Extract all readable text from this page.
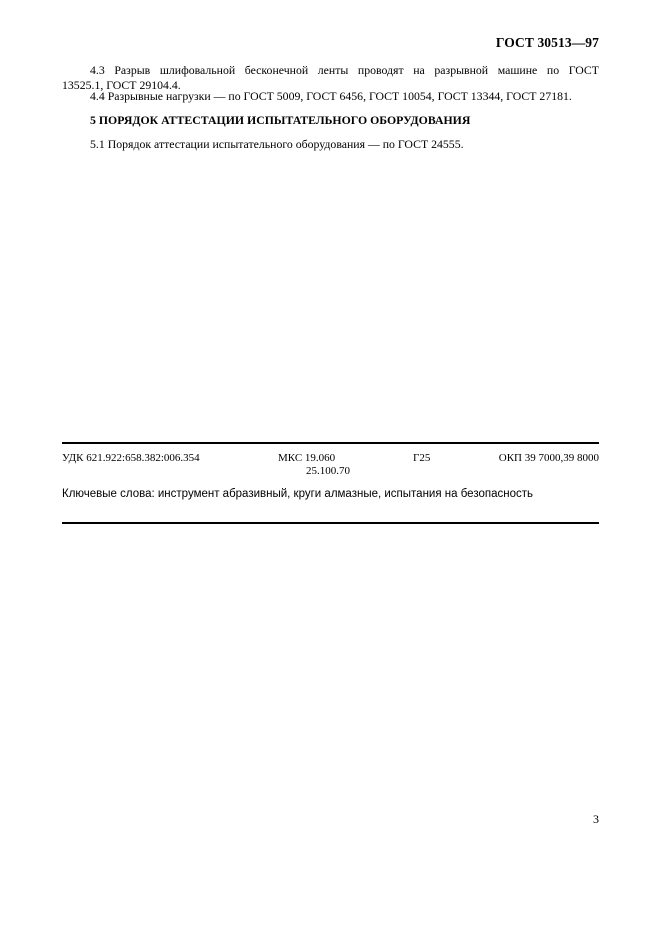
ГОСТ 30513—97
4.3 Разрыв шлифовальной бесконечной ленты проводят на разрывной машине по ГОСТ
13525.1, ГОСТ 29104.4.
4.4 Разрывные нагрузки — по ГОСТ 5009, ГОСТ 6456, ГОСТ 10054, ГОСТ 13344, ГОСТ 27181.
5 ПОРЯДОК АТТЕСТАЦИИ ИСПЫТАТЕЛЬНОГО ОБОРУДОВАНИЯ
5.1 Порядок аттестации испытательного оборудования — по ГОСТ 24555.
УДК 621.922:658.382:006.354	МКС 19.060
25.100.70
Г25	ОКП 39 7000,39 8000
Ключевые слова: инструмент абразивный, круги алмазные, испытания на безопасность
3
